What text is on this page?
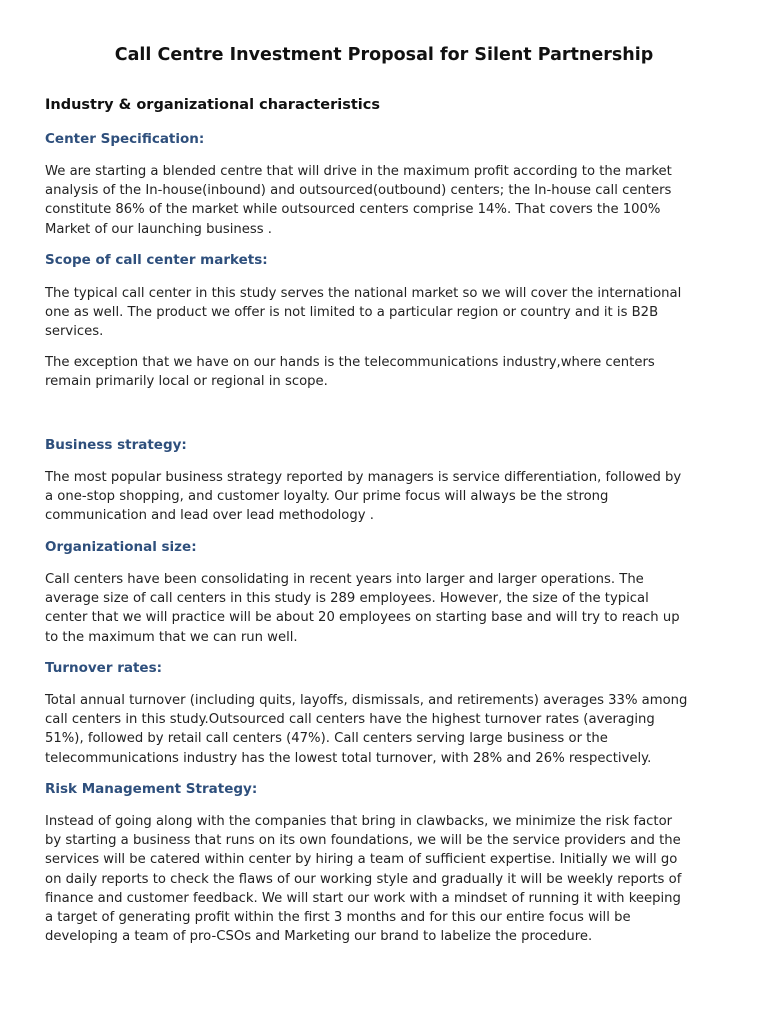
Call Centre Investment Proposal for Silent Partnership
Industry & organizational characteristics
Center Specification:

We are starting a blended centre that will drive in the maximum profit according to the market
analysis of the In-house(inbound) and outsourced(outbound) centers; the In-house call centers
constitute 86% of the market while outsourced centers comprise 14%. That covers the 100%
Market of our launching business .

Scope of call center markets:

The typical call center in this study serves the national market so we will cover the international
one as well. The product we offer is not limited to a particular region or country and it is B2B
services.

The exception that we have on our hands is the telecommunications industry,where centers
remain primarily local or regional in scope.

Business strategy:

The most popular business strategy reported by managers is service differentiation, followed by
a one-stop shopping, and customer loyalty. Our prime focus will always be the strong
communication and lead over lead methodology .

Organizational size:

Call centers have been consolidating in recent years into larger and larger operations. The
average size of call centers in this study is 289 employees. However, the size of the typical
center that we will practice will be about 20 employees on starting base and will try to reach up
to the maximum that we can run well.

Turnover rates:

Total annual turnover (including quits, layoffs, dismissals, and retirements) averages 33% among
call centers in this study.Outsourced call centers have the highest turnover rates (averaging
51%), followed by retail call centers (47%). Call centers serving large business or the
telecommunications industry has the lowest total turnover, with 28% and 26% respectively.

Risk Management Strategy:

Instead of going along with the companies that bring in clawbacks, we minimize the risk factor
by starting a business that runs on its own foundations, we will be the service providers and the
services will be catered within center by hiring a team of sufficient expertise. Initially we will go
on daily reports to check the flaws of our working style and gradually it will be weekly reports of
finance and customer feedback. We will start our work with a mindset of running it with keeping
a target of generating profit within the first 3 months and for this our entire focus will be
developing a team of pro-CSOs and Marketing our brand to labelize the procedure.
